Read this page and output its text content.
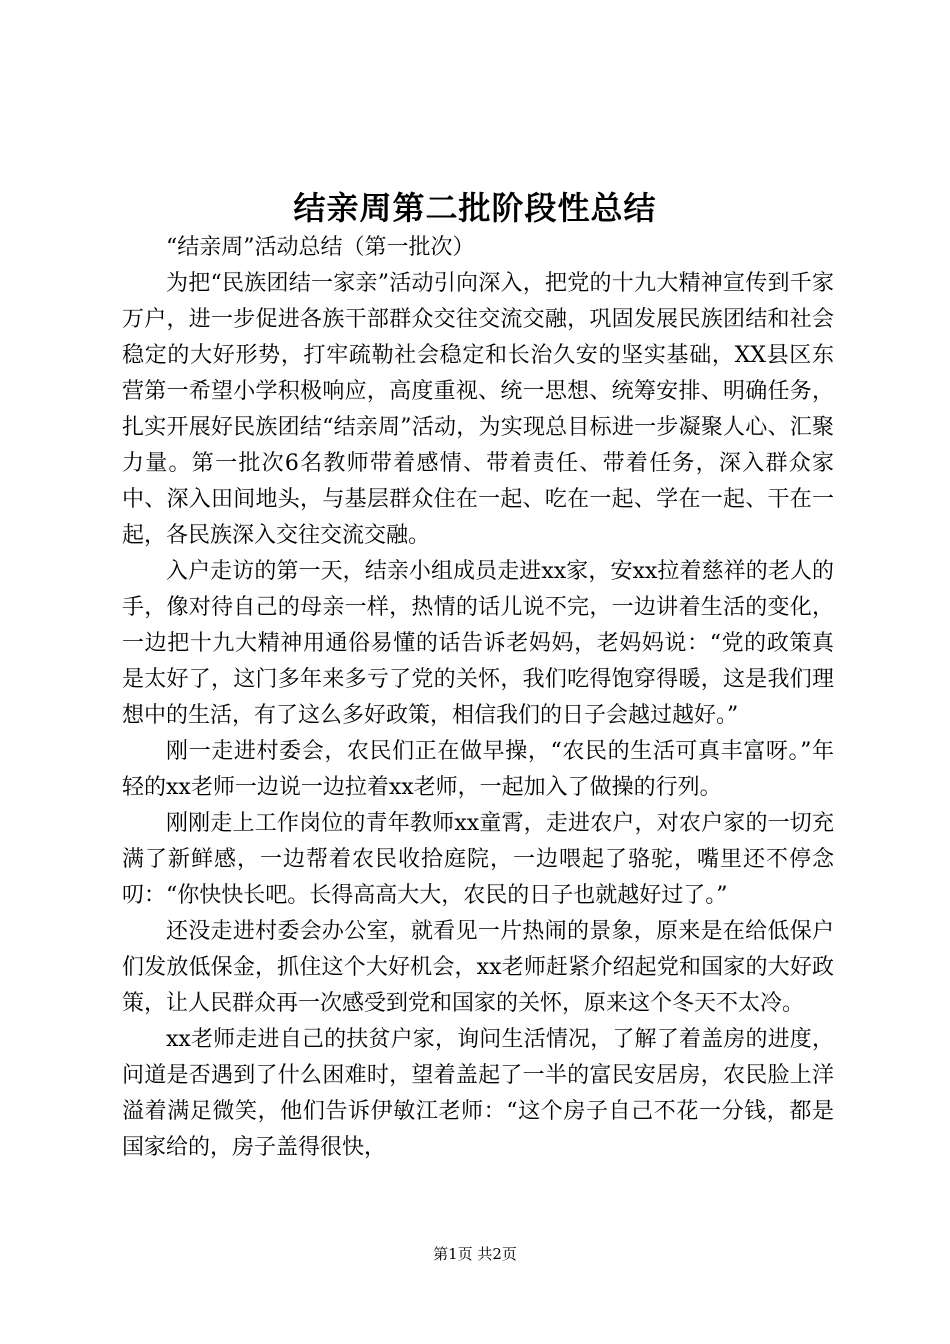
结亲周第二批阶段性总结

“结亲周”活动总结（第一批次）

为把“民族团结一家亲”活动引向深入，把党的十九大精神宣传到千家万户，进一步促进各族干部群众交往交流交融，巩固发展民族团结和社会稳定的大好形势，打牢疏勒社会稳定和长治久安的坚实基础，XX县区东营第一希望小学积极响应，高度重视、统一思想、统筹安排、明确任务，扎实开展好民族团结“结亲周”活动，为实现总目标进一步凝聚人心、汇聚力量。第一批次6名教师带着感情、带着责任、带着任务，深入群众家中、深入田间地头，与基层群众住在一起、吃在一起、学在一起、干在一起，各民族深入交往交流交融。

入户走访的第一天，结亲小组成员走进xx家，安xx拉着慈祥的老人的手，像对待自己的母亲一样，热情的话儿说不完，一边讲着生活的变化，一边把十九大精神用通俗易懂的话告诉老妈妈，老妈妈说：“党的政策真是太好了，这门多年来多亏了党的关怀，我们吃得饱穿得暖，这是我们理想中的生活，有了这么多好政策，相信我们的日子会越过越好。”

刚一走进村委会，农民们正在做早操，“农民的生活可真丰富呀。”年轻的xx老师一边说一边拉着xx老师，一起加入了做操的行列。

刚刚走上工作岗位的青年教师xx童霄，走进农户，对农户家的一切充满了新鲜感，一边帮着农民收拾庭院，一边喂起了骆驼，嘴里还不停念叨：“你快快长吧。长得高高大大，农民的日子也就越好过了。”

还没走进村委会办公室，就看见一片热闹的景象，原来是在给低保户们发放低保金，抓住这个大好机会，xx老师赶紧介绍起党和国家的大好政策，让人民群众再一次感受到党和国家的关怀，原来这个冬天不太冷。

xx老师走进自己的扶贫户家，询问生活情况，了解了着盖房的进度，问道是否遇到了什么困难时，望着盖起了一半的富民安居房，农民脸上洋溢着满足微笑，他们告诉伊敏江老师：“这个房子自己不花一分钱，都是国家给的，房子盖得很快，

第1页 共2页
